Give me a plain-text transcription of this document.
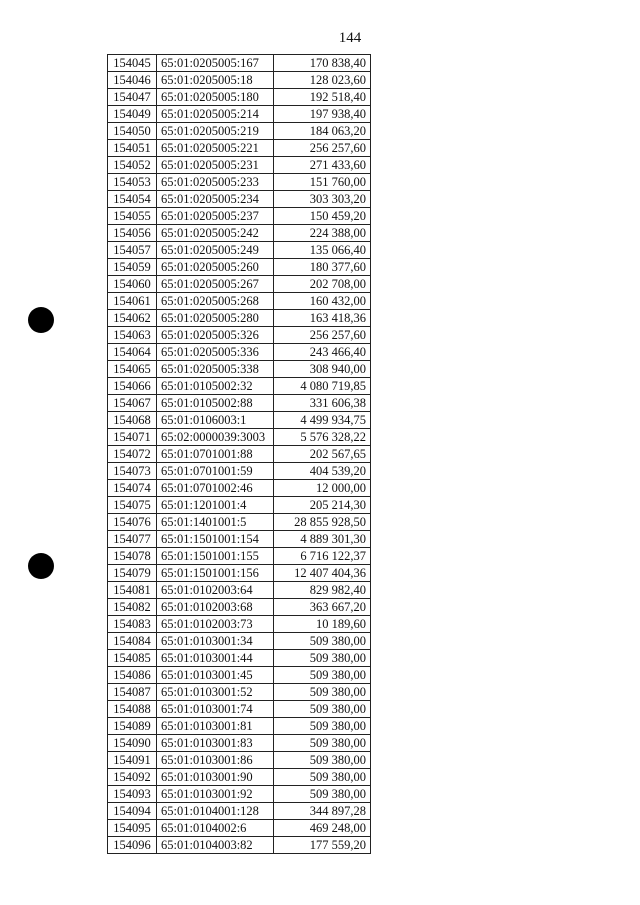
144
154045	65:01:0205005:167	170 838,40
154046	65:01:0205005:18	128 023,60
154047	65:01:0205005:180	192 518,40
154049	65:01:0205005:214	197 938,40
154050	65:01:0205005:219	184 063,20
154051	65:01:0205005:221	256 257,60
154052	65:01:0205005:231	271 433,60
154053	65:01:0205005:233	151 760,00
154054	65:01:0205005:234	303 303,20
154055	65:01:0205005:237	150 459,20
154056	65:01:0205005:242	224 388,00
154057	65:01:0205005:249	135 066,40
154059	65:01:0205005:260	180 377,60
154060	65:01:0205005:267	202 708,00
154061	65:01:0205005:268	160 432,00
154062	65:01:0205005:280	163 418,36
154063	65:01:0205005:326	256 257,60
154064	65:01:0205005:336	243 466,40
154065	65:01:0205005:338	308 940,00
154066	65:01:0105002:32	4 080 719,85
154067	65:01:0105002:88	331 606,38
154068	65:01:0106003:1	4 499 934,75
154071	65:02:0000039:3003	5 576 328,22
154072	65:01:0701001:88	202 567,65
154073	65:01:0701001:59	404 539,20
154074	65:01:0701002:46	12 000,00
154075	65:01:1201001:4	205 214,30
154076	65:01:1401001:5	28 855 928,50
154077	65:01:1501001:154	4 889 301,30
154078	65:01:1501001:155	6 716 122,37
154079	65:01:1501001:156	12 407 404,36
154081	65:01:0102003:64	829 982,40
154082	65:01:0102003:68	363 667,20
154083	65:01:0102003:73	10 189,60
154084	65:01:0103001:34	509 380,00
154085	65:01:0103001:44	509 380,00
154086	65:01:0103001:45	509 380,00
154087	65:01:0103001:52	509 380,00
154088	65:01:0103001:74	509 380,00
154089	65:01:0103001:81	509 380,00
154090	65:01:0103001:83	509 380,00
154091	65:01:0103001:86	509 380,00
154092	65:01:0103001:90	509 380,00
154093	65:01:0103001:92	509 380,00
154094	65:01:0104001:128	344 897,28
154095	65:01:0104002:6	469 248,00
154096	65:01:0104003:82	177 559,20
